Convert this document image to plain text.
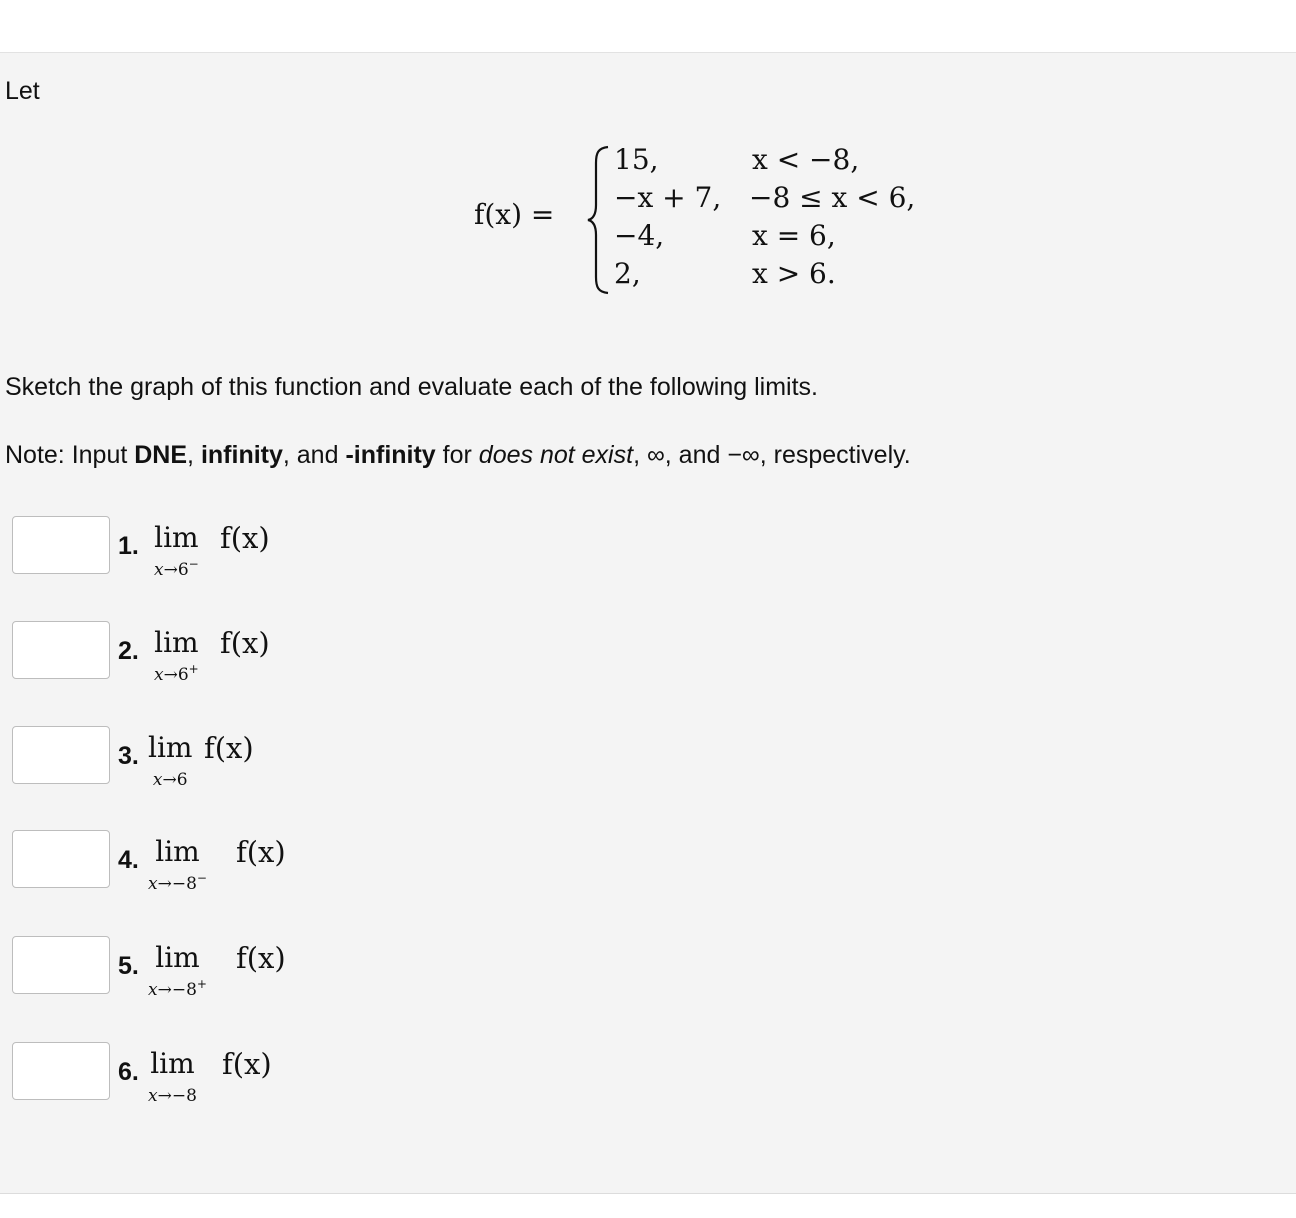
Let

f(x) =
15,	x < −8,
−x + 7, −8 ≤ x < 6,
−4,	x = 6,
2,	x > 6.

Sketch the graph of this function and evaluate each of the following limits.

Note: Input DNE, infinity, and -infinity for does not exist, ∞, and −∞, respectively.

1. lim
x→6−
f(x)
2. lim
x→6+
f(x)
3. lim
x→6
f(x)
4. lim
x→−8−
f(x)
5. lim
x→−8+
f(x)
6. lim
x→−8
f(x)
